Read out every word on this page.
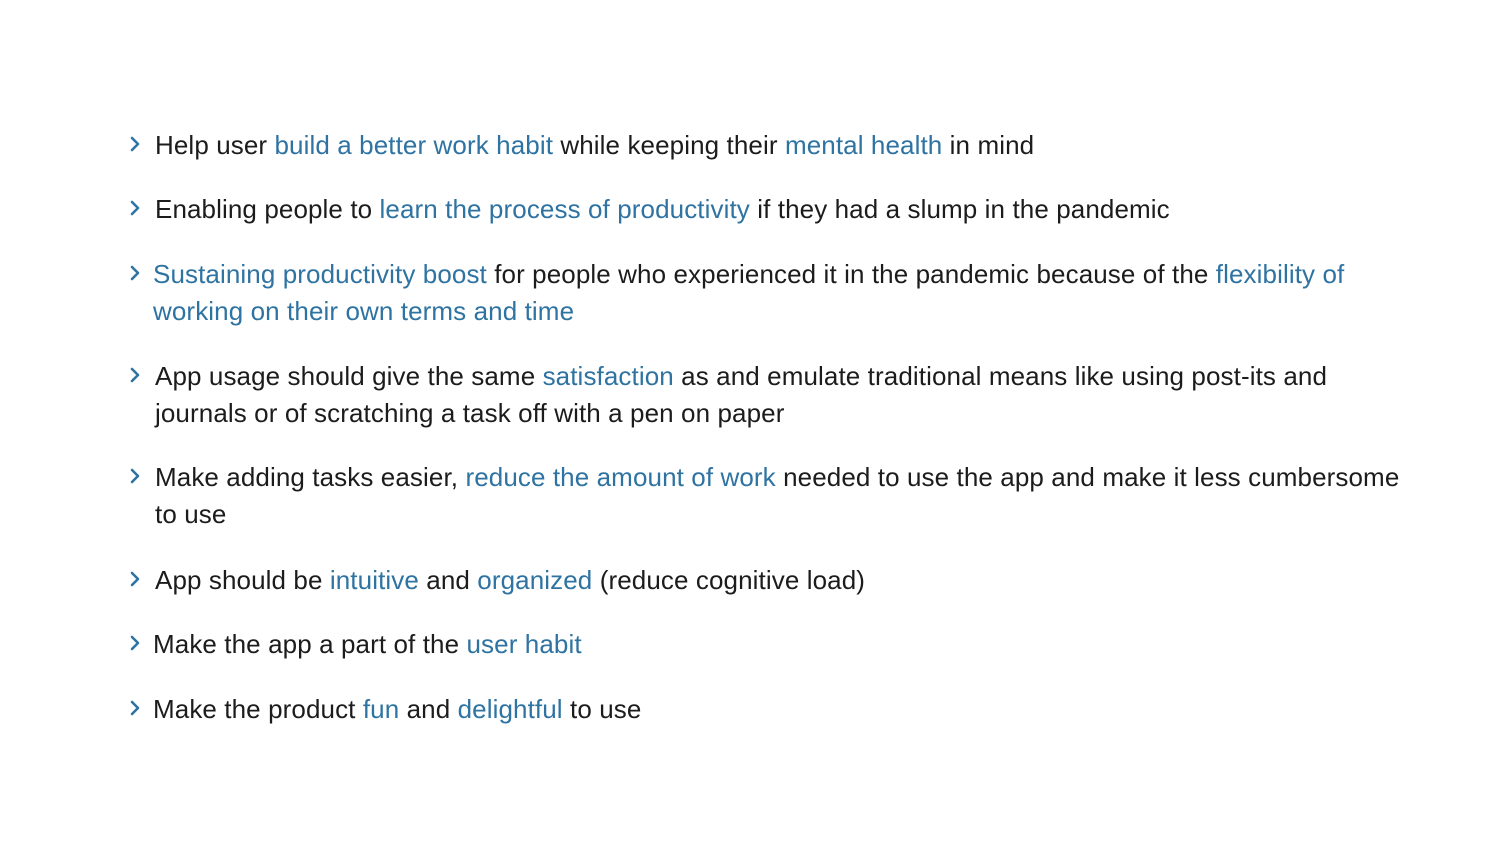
Help user build a better work habit while keeping their mental health in mind
Enabling people to learn the process of productivity if they had a slump in the pandemic
Sustaining productivity boost for people who experienced it in the pandemic because of the flexibility of working on their own terms and time
App usage should give the same satisfaction as and emulate traditional means like using post-its and journals or of scratching a task off with a pen on paper
Make adding tasks easier, reduce the amount of work needed to use the app and make it less cumbersome to use
App should be intuitive and organized (reduce cognitive load)
Make the app a part of the user habit
Make the product fun and delightful to use
